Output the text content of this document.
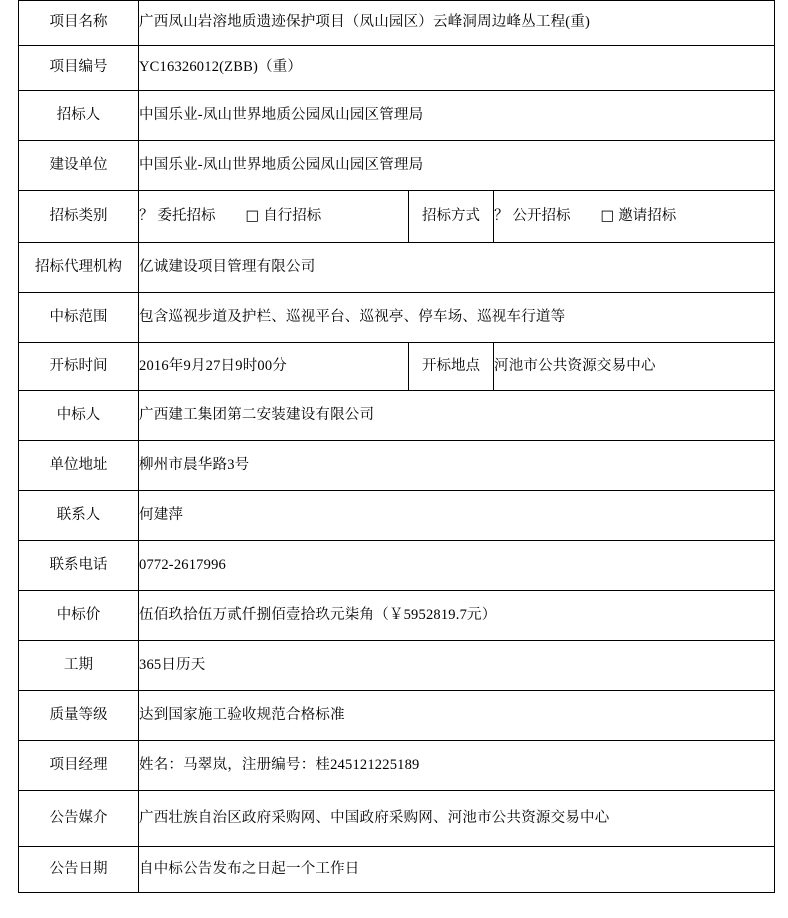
项目名称	广西凤山岩溶地质遗迹保护项目（凤山园区）云峰洞周边峰丛工程(重)		
项目编号	YC16326012(ZBB)（重）		
招标人	中国乐业-凤山世界地质公园凤山园区管理局		
建设单位	中国乐业-凤山世界地质公园凤山园区管理局		
招标类别	？ 委托招标 □ 自行招标	招标方式	？ 公开招标 □ 邀请招标
招标代理机构	亿诚建设项目管理有限公司		
中标范围	包含巡视步道及护栏、巡视平台、巡视亭、停车场、巡视车行道等		
开标时间	2016年9月27日9时00分	开标地点	河池市公共资源交易中心
中标人	广西建工集团第二安装建设有限公司		
单位地址	柳州市晨华路3号		
联系人	何建萍		
联系电话	0772-2617996		
中标价	伍佰玖拾伍万贰仟捌佰壹拾玖元柒角（￥5952819.7元）		
工期	365日历天		
质量等级	达到国家施工验收规范合格标准		
项目经理	姓名：马翠岚，注册编号：桂245121225189		
公告媒介	广西壮族自治区政府采购网、中国政府采购网、河池市公共资源交易中心		
公告日期	自中标公告发布之日起一个工作日		
